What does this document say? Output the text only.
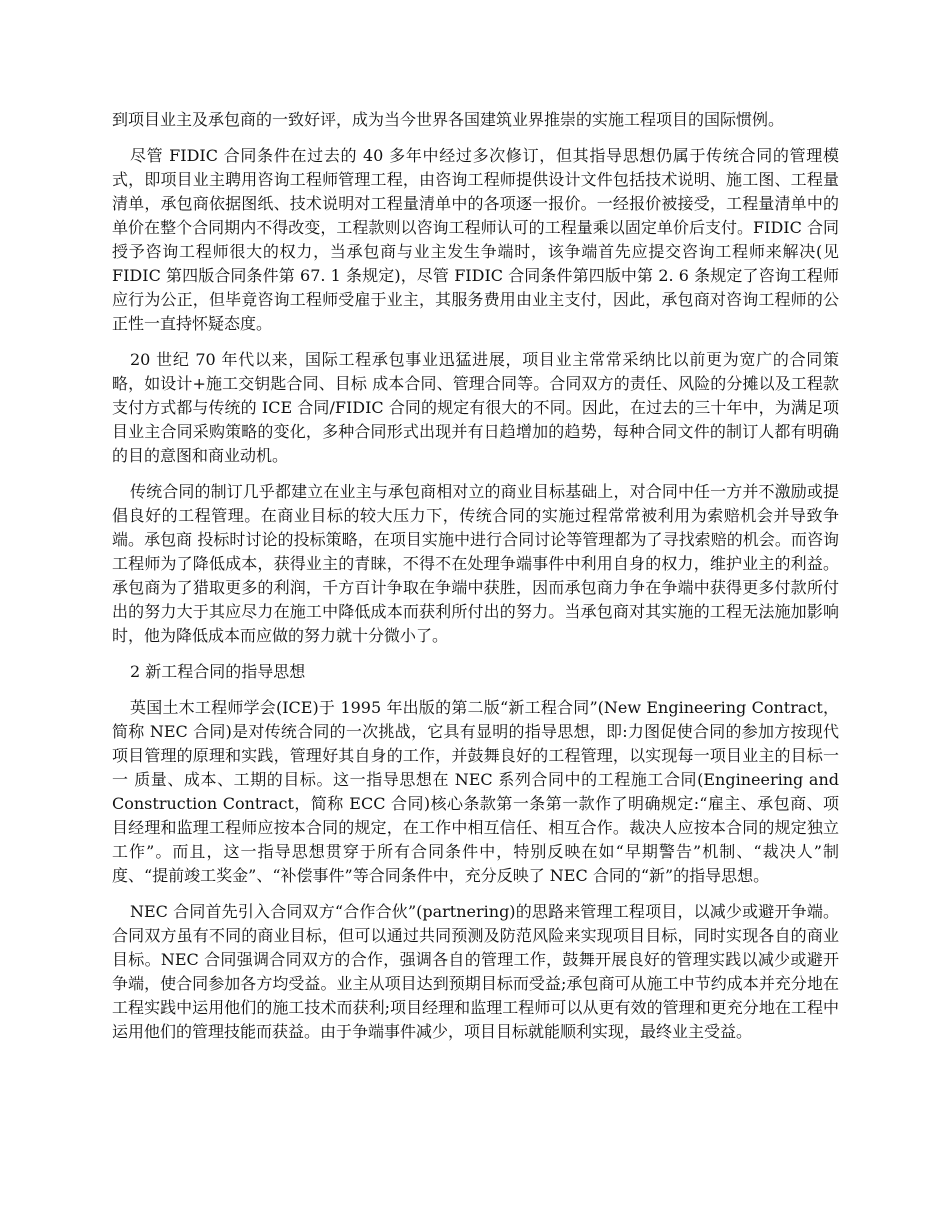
到项目业主及承包商的一致好评，成为当今世界各国建筑业界推崇的实施工程项目的国际惯例。

尽管 FIDIC 合同条件在过去的 40 多年中经过多次修订，但其指导思想仍属于传统合同的管理模式，即项目业主聘用咨询工程师管理工程，由咨询工程师提供设计文件包括技术说明、施工图、工程量清单，承包商依据图纸、技术说明对工程量清单中的各项逐一报价。一经报价被接受，工程量清单中的单价在整个合同期内不得改变，工程款则以咨询工程师认可的工程量乘以固定单价后支付。FIDIC 合同授予咨询工程师很大的权力，当承包商与业主发生争端时，该争端首先应提交咨询工程师来解决(见 FIDIC 第四版合同条件第 67. 1 条规定)，尽管 FIDIC 合同条件第四版中第 2. 6 条规定了咨询工程师应行为公正，但毕竟咨询工程师受雇于业主，其服务费用由业主支付，因此，承包商对咨询工程师的公正性一直持怀疑态度。

20 世纪 70 年代以来，国际工程承包事业迅猛进展，项目业主常常采纳比以前更为宽广的合同策略，如设计+施工交钥匙合同、目标 成本合同、管理合同等。合同双方的责任、风险的分摊以及工程款支付方式都与传统的 ICE 合同/FIDIC 合同的规定有很大的不同。因此，在过去的三十年中，为满足项目业主合同采购策略的变化，多种合同形式出现并有日趋增加的趋势，每种合同文件的制订人都有明确的目的意图和商业动机。

传统合同的制订几乎都建立在业主与承包商相对立的商业目标基础上，对合同中任一方并不激励或提倡良好的工程管理。在商业目标的较大压力下，传统合同的实施过程常常被利用为索赔机会并导致争端。承包商 投标时讨论的投标策略，在项目实施中进行合同讨论等管理都为了寻找索赔的机会。而咨询工程师为了降低成本，获得业主的青睐，不得不在处理争端事件中利用自身的权力，维护业主的利益。承包商为了猎取更多的利润，千方百计争取在争端中获胜，因而承包商力争在争端中获得更多付款所付出的努力大于其应尽力在施工中降低成本而获利所付出的努力。当承包商对其实施的工程无法施加影响时，他为降低成本而应做的努力就十分微小了。

2 新工程合同的指导思想

英国土木工程师学会(ICE)于 1995 年出版的第二版“新工程合同”(New Engineering Contract，简称 NEC 合同)是对传统合同的一次挑战，它具有显明的指导思想，即:力图促使合同的参加方按现代项目管理的原理和实践，管理好其自身的工作，并鼓舞良好的工程管理，以实现每一项目业主的目标一一 质量、成本、工期的目标。这一指导思想在 NEC 系列合同中的工程施工合同(Engineering and Construction Contract，简称 ECC 合同)核心条款第一条第一款作了明确规定:“雇主、承包商、项目经理和监理工程师应按本合同的规定，在工作中相互信任、相互合作。裁决人应按本合同的规定独立工作”。而且，这一指导思想贯穿于所有合同条件中，特别反映在如“早期警告”机制、“裁决人”制度、“提前竣工奖金”、“补偿事件”等合同条件中，充分反映了 NEC 合同的“新”的指导思想。

NEC 合同首先引入合同双方“合作合伙”(partnering)的思路来管理工程项目，以减少或避开争端。合同双方虽有不同的商业目标，但可以通过共同预测及防范风险来实现项目目标，同时实现各自的商业目标。NEC 合同强调合同双方的合作，强调各自的管理工作，鼓舞开展良好的管理实践以减少或避开争端，使合同参加各方均受益。业主从项目达到预期目标而受益;承包商可从施工中节约成本并充分地在工程实践中运用他们的施工技术而获利;项目经理和监理工程师可以从更有效的管理和更充分地在工程中运用他们的管理技能而获益。由于争端事件减少，项目目标就能顺利实现，最终业主受益。
